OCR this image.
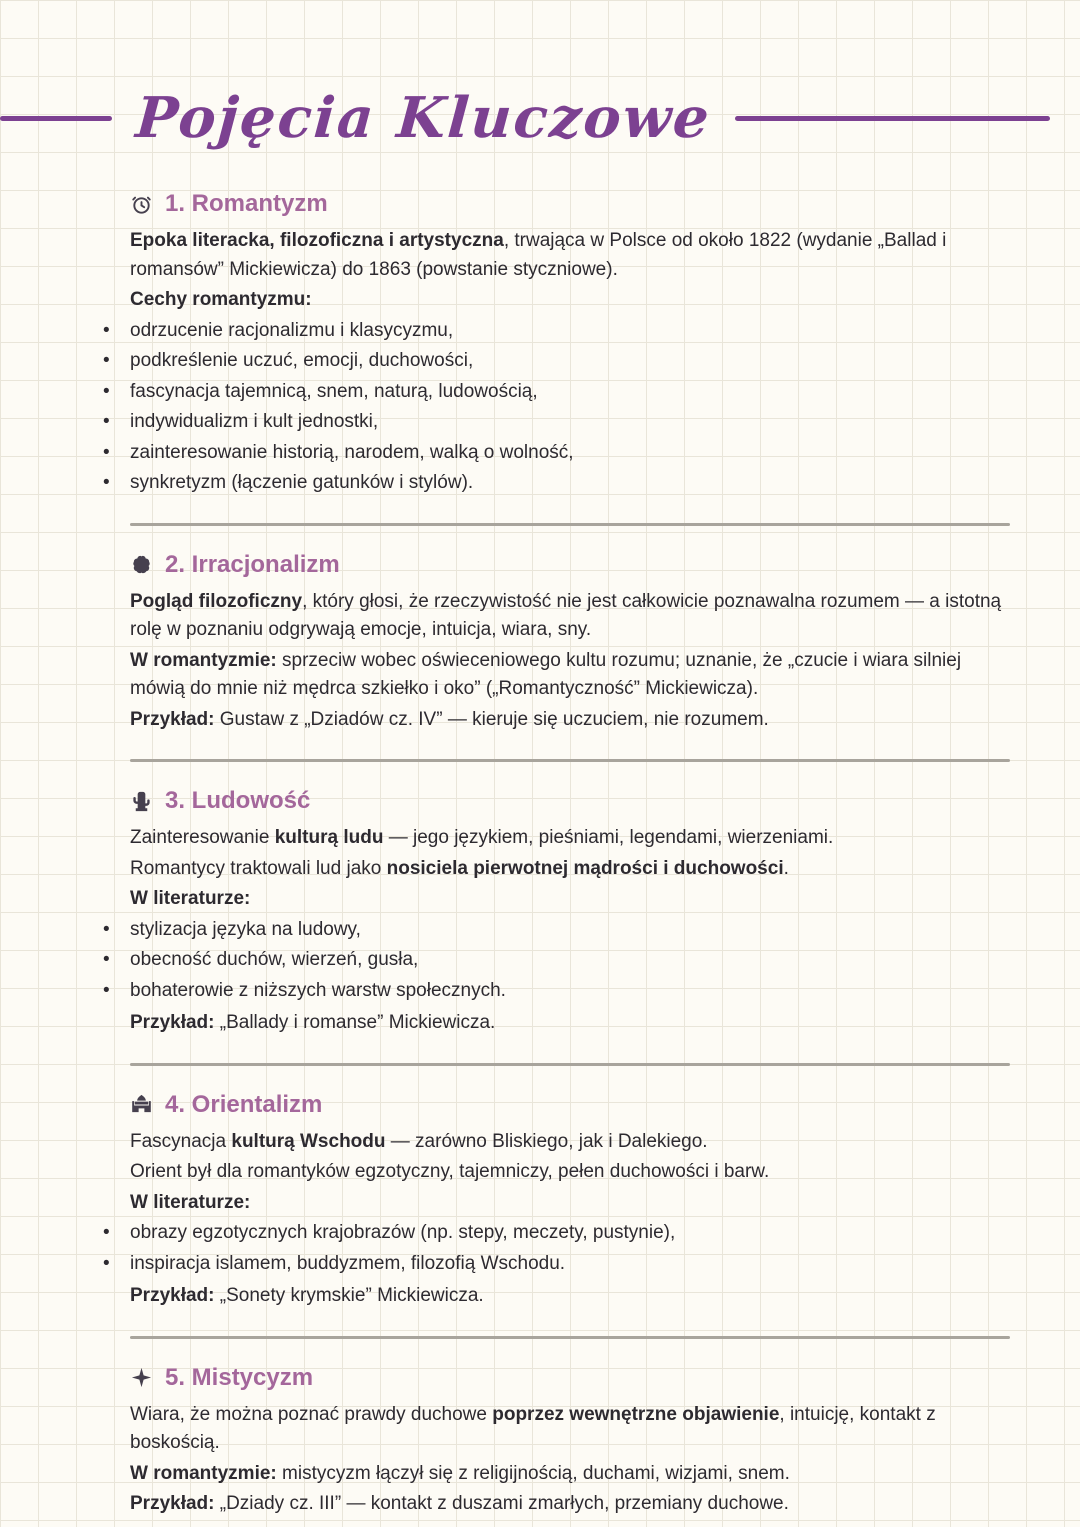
Pojęcia Kluczowe
1. Romantyzm

Epoka literacka, filozoficzna i artystyczna, trwająca w Polsce od około 1822 (wydanie „Ballad i romansów” Mickiewicza) do 1863 (powstanie styczniowe).

Cechy romantyzmu:

• odrzucenie racjonalizmu i klasycyzmu,
• podkreślenie uczuć, emocji, duchowości,
• fascynacja tajemnicą, snem, naturą, ludowością,
• indywidualizm i kult jednostki,
• zainteresowanie historią, narodem, walką o wolność,
• synkretyzm (łączenie gatunków i stylów).
2. Irracjonalizm

Pogląd filozoficzny, który głosi, że rzeczywistość nie jest całkowicie poznawalna rozumem — a istotną rolę w poznaniu odgrywają emocje, intuicja, wiara, sny.

W romantyzmie: sprzeciw wobec oświeceniowego kultu rozumu; uznanie, że „czucie i wiara silniej mówią do mnie niż mędrca szkiełko i oko” („Romantyczność” Mickiewicza).

Przykład: Gustaw z „Dziadów cz. IV” — kieruje się uczuciem, nie rozumem.

3. Ludowość

Zainteresowanie kulturą ludu — jego językiem, pieśniami, legendami, wierzeniami.

Romantycy traktowali lud jako nosiciela pierwotnej mądrości i duchowości.

W literaturze:

• stylizacja języka na ludowy,
• obecność duchów, wierzeń, gusła,
• bohaterowie z niższych warstw społecznych.

Przykład: „Ballady i romanse” Mickiewicza.

4. Orientalizm

Fascynacja kulturą Wschodu — zarówno Bliskiego, jak i Dalekiego.

Orient był dla romantyków egzotyczny, tajemniczy, pełen duchowości i barw.

W literaturze:

• obrazy egzotycznych krajobrazów (np. stepy, meczety, pustynie),
• inspiracja islamem, buddyzmem, filozofią Wschodu.

Przykład: „Sonety krymskie” Mickiewicza.

5. Mistycyzm

Wiara, że można poznać prawdy duchowe poprzez wewnętrzne objawienie, intuicję, kontakt z boskością.

W romantyzmie: mistycyzm łączył się z religijnością, duchami, wizjami, snem.

Przykład: „Dziady cz. III” — kontakt z duszami zmarłych, przemiany duchowe.
